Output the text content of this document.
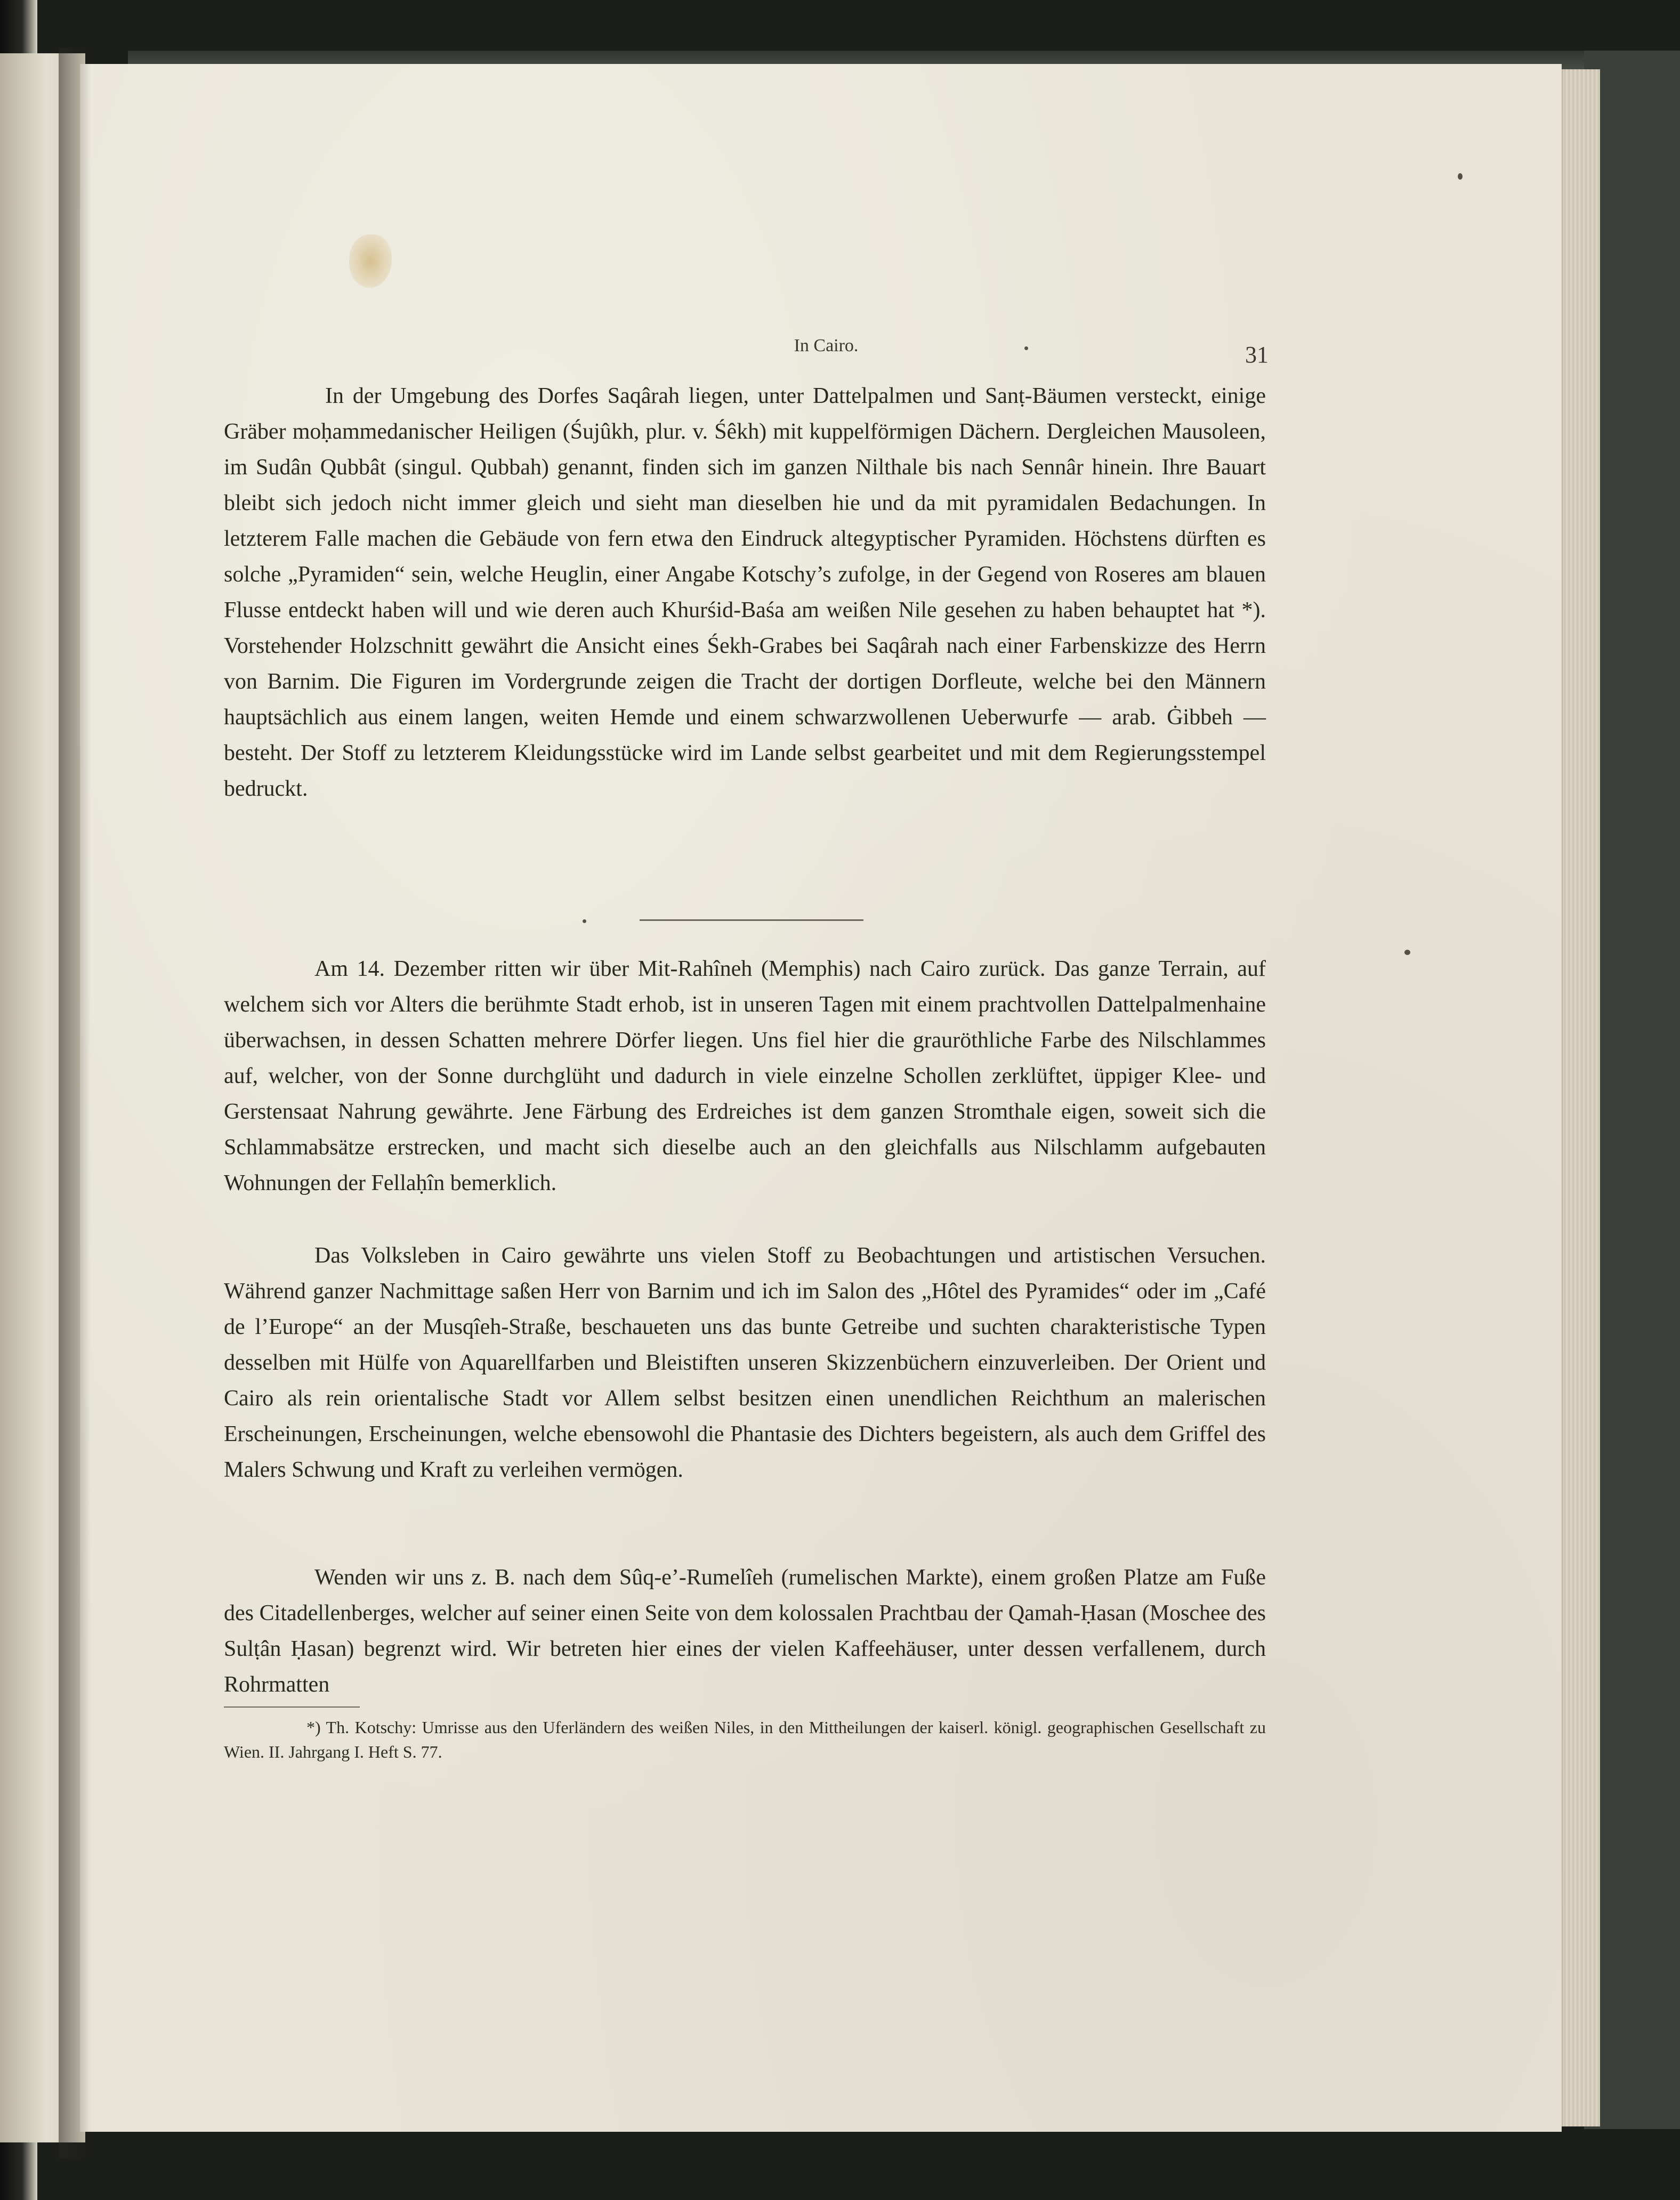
In Cairo.	31
In der Umgebung des Dorfes Saqârah liegen, unter Dattelpalmen und Sanṭ-Bäumen versteckt, einige Gräber moḥammedanischer Heiligen (Śujûkh, plur. v. Śêkh) mit kuppelförmigen Dächern. Dergleichen Mausoleen, im Sudân Qubbât (singul. Qubbah) genannt, finden sich im ganzen Nilthale bis nach Sennâr hinein. Ihre Bauart bleibt sich jedoch nicht immer gleich und sieht man dieselben hie und da mit pyramidalen Bedachungen. In letzterem Falle machen die Gebäude von fern etwa den Eindruck altegyptischer Pyramiden. Höchstens dürften es solche „Pyramiden“ sein, welche Heuglin, einer Angabe Kotschy’s zufolge, in der Gegend von Roseres am blauen Flusse entdeckt haben will und wie deren auch Khurśid-Baśa am weißen Nile gesehen zu haben behauptet hat *). Vorstehender Holzschnitt gewährt die Ansicht eines Śekh-Grabes bei Saqârah nach einer Farbenskizze des Herrn von Barnim. Die Figuren im Vordergrunde zeigen die Tracht der dortigen Dorfleute, welche bei den Männern hauptsächlich aus einem langen, weiten Hemde und einem schwarzwollenen Ueberwurfe — arab. Ġibbeh — besteht. Der Stoff zu letzterem Kleidungsstücke wird im Lande selbst gearbeitet und mit dem Regierungsstempel bedruckt.
Am 14. Dezember ritten wir über Mit-Rahîneh (Memphis) nach Cairo zurück. Das ganze Terrain, auf welchem sich vor Alters die berühmte Stadt erhob, ist in unseren Tagen mit einem prachtvollen Dattelpalmenhaine überwachsen, in dessen Schatten mehrere Dörfer liegen. Uns fiel hier die grauröthliche Farbe des Nilschlammes auf, welcher, von der Sonne durchglüht und dadurch in viele einzelne Schollen zerklüftet, üppiger Klee- und Gerstensaat Nahrung gewährte. Jene Färbung des Erdreiches ist dem ganzen Stromthale eigen, soweit sich die Schlammabsätze erstrecken, und macht sich dieselbe auch an den gleichfalls aus Nilschlamm aufgebauten Wohnungen der Fellaḥîn bemerklich.
Das Volksleben in Cairo gewährte uns vielen Stoff zu Beobachtungen und artistischen Versuchen. Während ganzer Nachmittage saßen Herr von Barnim und ich im Salon des „Hôtel des Pyramides“ oder im „Café de l’Europe“ an der Musqîeh-Straße, beschaueten uns das bunte Getreibe und suchten charakteristische Typen desselben mit Hülfe von Aquarellfarben und Bleistiften unseren Skizzenbüchern einzuverleiben. Der Orient und Cairo als rein orientalische Stadt vor Allem selbst besitzen einen unendlichen Reichthum an malerischen Erscheinungen, Erscheinungen, welche ebensowohl die Phantasie des Dichters begeistern, als auch dem Griffel des Malers Schwung und Kraft zu verleihen vermögen.
Wenden wir uns z. B. nach dem Sûq-e’-Rumelîeh (rumelischen Markte), einem großen Platze am Fuße des Citadellenberges, welcher auf seiner einen Seite von dem kolossalen Prachtbau der Qamah-Ḥasan (Moschee des Sulṭân Ḥasan) begrenzt wird. Wir betreten hier eines der vielen Kaffeehäuser, unter dessen verfallenem, durch Rohrmatten
*) Th. Kotschy: Umrisse aus den Uferländern des weißen Niles, in den Mittheilungen der kaiserl. königl. geographischen Gesellschaft zu Wien. II. Jahrgang I. Heft S. 77.
